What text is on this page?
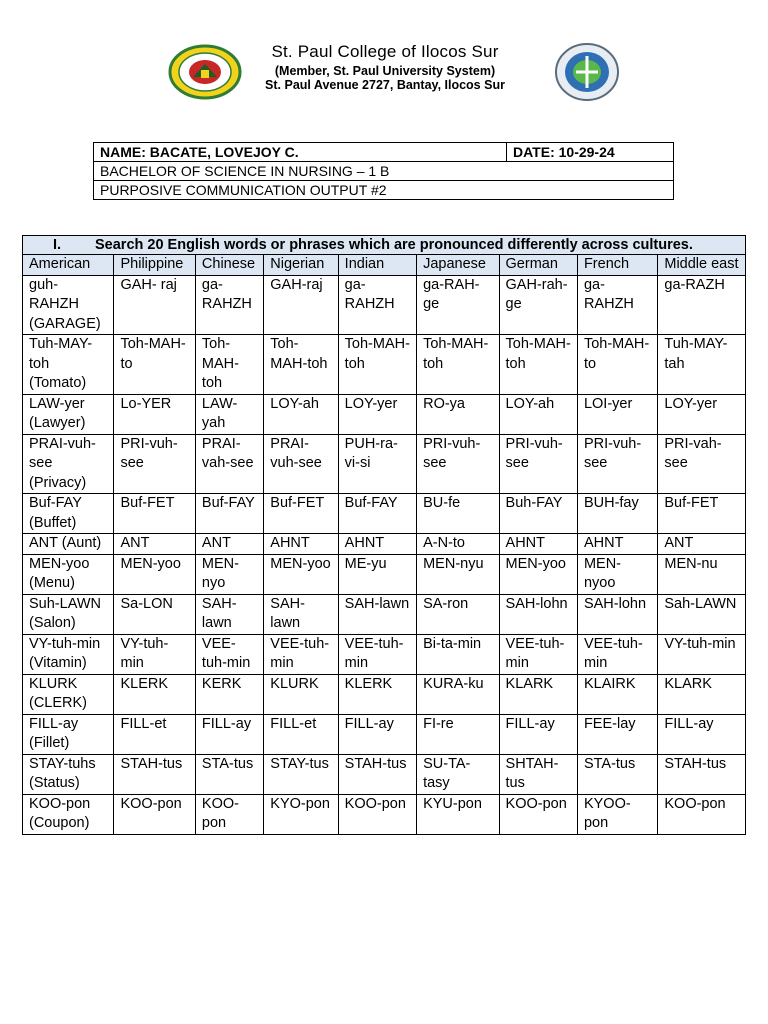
St. Paul College of Ilocos Sur
(Member, St. Paul University System)
St. Paul Avenue 2727, Bantay, Ilocos Sur
NAME: BACATE, LOVEJOY C.	DATE: 10-29-24
BACHELOR OF SCIENCE IN NURSING – 1 B
PURPOSIVE COMMUNICATION OUTPUT #2
I. Search 20 English words or phrases which are pronounced differently across cultures.								
American	Philippine	Chinese	Nigerian	Indian	Japanese	German	French	Middle east
guh-RAHZH (GARAGE)	GAH- raj	ga-RAHZH	GAH-raj	ga-RAHZH	ga-RAH-ge	GAH-rah-ge	ga-RAHZH	ga-RAZH
Tuh-MAY-toh (Tomato)	Toh-MAH-to	Toh-MAH-toh	Toh-MAH-toh	Toh-MAH-toh	Toh-MAH-toh	Toh-MAH-toh	Toh-MAH-to	Tuh-MAY-tah
LAW-yer (Lawyer)	Lo-YER	LAW-yah	LOY-ah	LOY-yer	RO-ya	LOY-ah	LOI-yer	LOY-yer
PRAI-vuh-see (Privacy)	PRI-vuh-see	PRAI-vah-see	PRAI-vuh-see	PUH-ra-vi-si	PRI-vuh-see	PRI-vuh-see	PRI-vuh-see	PRI-vah-see
Buf-FAY (Buffet)	Buf-FET	Buf-FAY	Buf-FET	Buf-FAY	BU-fe	Buh-FAY	BUH-fay	Buf-FET
ANT (Aunt)	ANT	ANT	AHNT	AHNT	A-N-to	AHNT	AHNT	ANT
MEN-yoo (Menu)	MEN-yoo	MEN-nyo	MEN-yoo	ME-yu	MEN-nyu	MEN-yoo	MEN-nyoo	MEN-nu
Suh-LAWN (Salon)	Sa-LON	SAH-lawn	SAH-lawn	SAH-lawn	SA-ron	SAH-lohn	SAH-lohn	Sah-LAWN
VY-tuh-min (Vitamin)	VY-tuh-min	VEE-tuh-min	VEE-tuh-min	VEE-tuh-min	Bi-ta-min	VEE-tuh-min	VEE-tuh-min	VY-tuh-min
KLURK (CLERK)	KLERK	KERK	KLURK	KLERK	KURA-ku	KLARK	KLAIRK	KLARK
FILL-ay (Fillet)	FILL-et	FILL-ay	FILL-et	FILL-ay	FI-re	FILL-ay	FEE-lay	FILL-ay
STAY-tuhs (Status)	STAH-tus	STA-tus	STAY-tus	STAH-tus	SU-TA-tasy	SHTAH-tus	STA-tus	STAH-tus
KOO-pon (Coupon)	KOO-pon	KOO-pon	KYO-pon	KOO-pon	KYU-pon	KOO-pon	KYOO-pon	KOO-pon
